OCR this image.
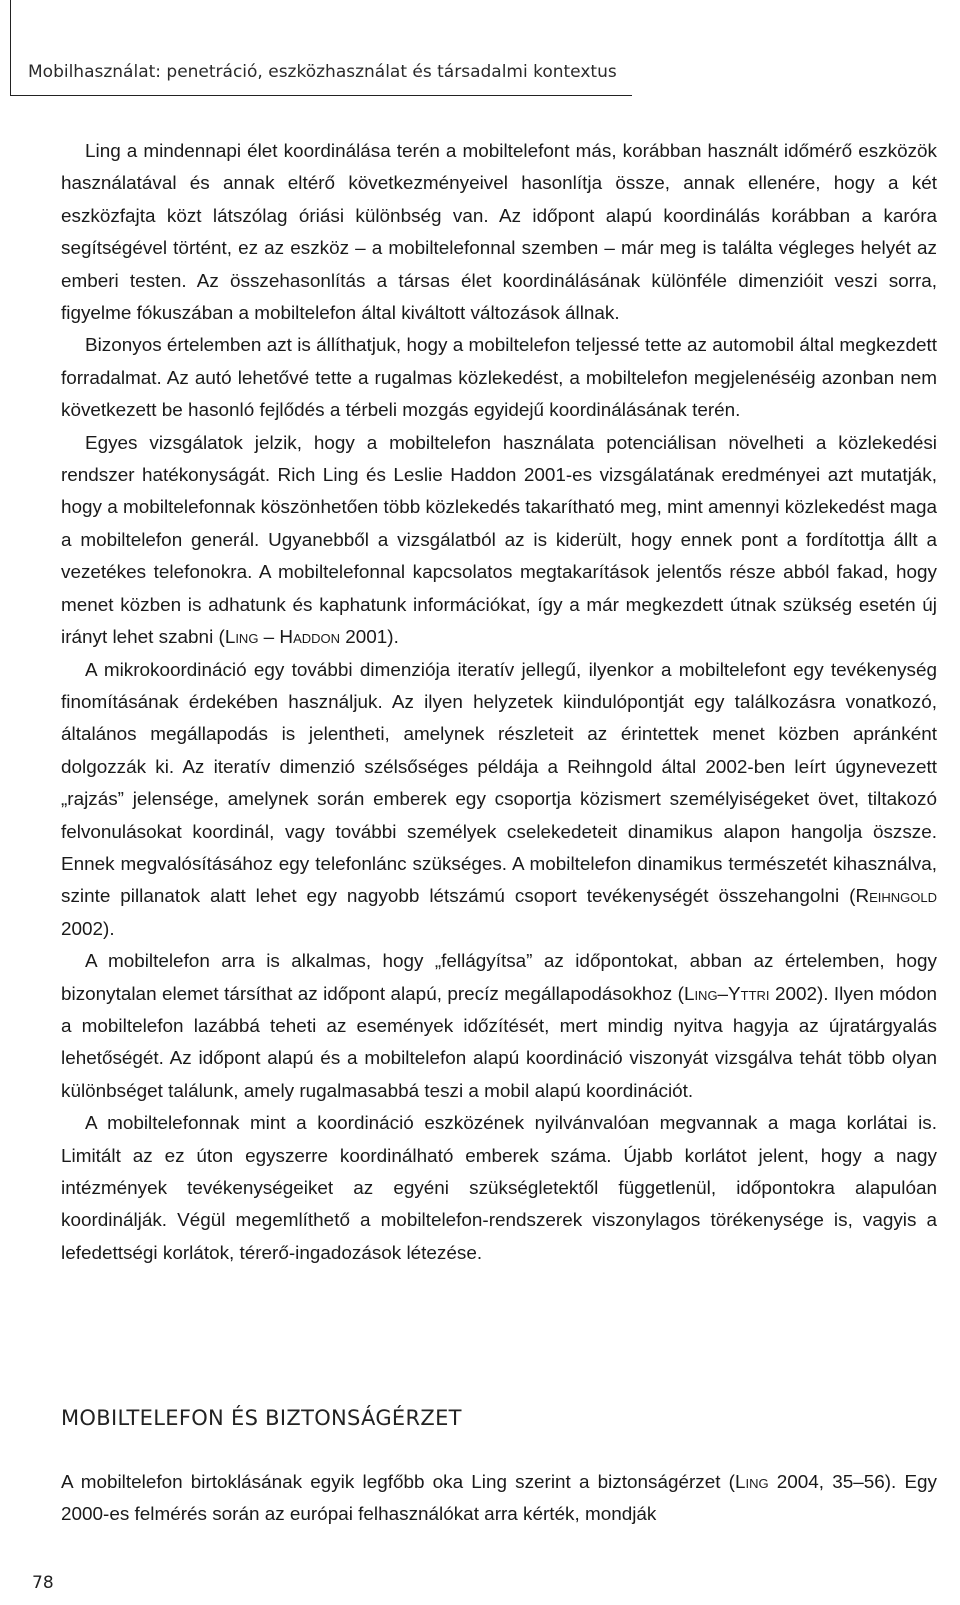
Mobilhasználat: penetráció, eszközhasználat és társadalmi kontextus

Ling a mindennapi élet koordinálása terén a mobiltelefont más, korábban használt időmérő eszközök használatával és annak eltérő következményeivel hasonlítja össze, annak ellenére, hogy a két eszközfajta közt látszólag óriási különbség van. Az időpont alapú koordinálás korábban a karóra segítségével történt, ez az eszköz – a mobiltelefonnal szemben – már meg is találta végleges helyét az emberi testen. Az összehasonlítás a társas élet koordinálásának különféle dimenzióit veszi sorra, figyelme fókuszában a mobiltelefon által kiváltott változások állnak.

Bizonyos értelemben azt is állíthatjuk, hogy a mobiltelefon teljessé tette az automobil által megkezdett forradalmat. Az autó lehetővé tette a rugalmas közlekedést, a mobiltelefon megjelenéséig azonban nem következett be hasonló fejlődés a térbeli mozgás egyidejű koordinálásának terén.

Egyes vizsgálatok jelzik, hogy a mobiltelefon használata potenciálisan növelheti a közlekedési rendszer hatékonyságát. Rich Ling és Leslie Haddon 2001-es vizsgálatának eredményei azt mutatják, hogy a mobiltelefonnak köszönhetően több közlekedés takarítható meg, mint amennyi közlekedést maga a mobiltelefon generál. Ugyanebből a vizsgálatból az is kiderült, hogy ennek pont a fordítottja állt a vezetékes telefonokra. A mobiltelefonnal kapcsolatos megtakarítások jelentős része abból fakad, hogy menet közben is adhatunk és kaphatunk információkat, így a már megkezdett útnak szükség esetén új irányt lehet szabni (Ling – Haddon 2001).

A mikrokoordináció egy további dimenziója iteratív jellegű, ilyenkor a mobiltelefont egy tevékenység finomításának érdekében használjuk. Az ilyen helyzetek kiindulópontját egy találkozásra vonatkozó, általános megállapodás is jelentheti, amelynek részleteit az érintettek menet közben apránként dolgozzák ki. Az iteratív dimenzió szélsőséges példája a Reihngold által 2002-ben leírt úgynevezett „rajzás” jelensége, amelynek során emberek egy csoportja közismert személyiségeket övet, tiltakozó felvonulásokat koordinál, vagy további személyek cselekedeteit dinamikus alapon hangolja öszsze. Ennek megvalósításához egy telefonlánc szükséges. A mobiltelefon dinamikus természetét kihasználva, szinte pillanatok alatt lehet egy nagyobb létszámú csoport tevékenységét összehangolni (Reihngold 2002).

A mobiltelefon arra is alkalmas, hogy „fellágyítsa” az időpontokat, abban az értelemben, hogy bizonytalan elemet társíthat az időpont alapú, precíz megállapodásokhoz (Ling–Yttri 2002). Ilyen módon a mobiltelefon lazábbá teheti az események időzítését, mert mindig nyitva hagyja az újratárgyalás lehetőségét. Az időpont alapú és a mobiltelefon alapú koordináció viszonyát vizsgálva tehát több olyan különbséget találunk, amely rugalmasabbá teszi a mobil alapú koordinációt.

A mobiltelefonnak mint a koordináció eszközének nyilvánvalóan megvannak a maga korlátai is. Limitált az ez úton egyszerre koordinálható emberek száma. Újabb korlátot jelent, hogy a nagy intézmények tevékenységeiket az egyéni szükségletektől függetlenül, időpontokra alapulóan koordinálják. Végül megemlíthető a mobiltelefon-rendszerek viszonylagos törékenysége is, vagyis a lefedettségi korlátok, térerő-ingadozások létezése.

MOBILTELEFON ÉS BIZTONSÁGÉRZET

A mobiltelefon birtoklásának egyik legfőbb oka Ling szerint a biztonságérzet (Ling 2004, 35–56). Egy 2000-es felmérés során az európai felhasználókat arra kérték, mondják

78
